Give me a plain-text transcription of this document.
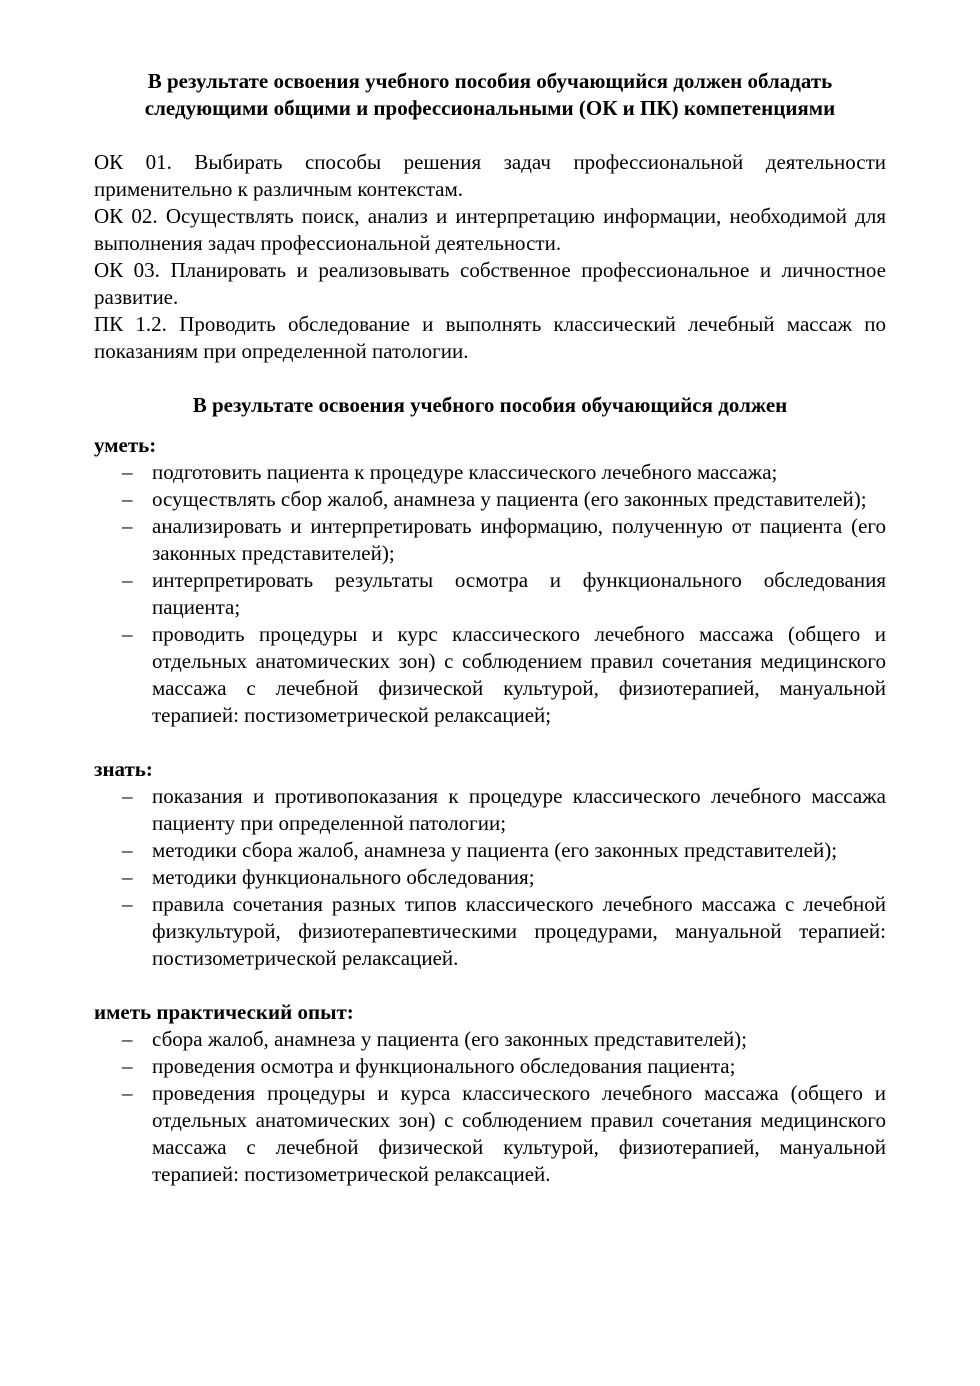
В результате освоения учебного пособия обучающийся должен обладать следующими общими и профессиональными (ОК и ПК) компетенциями

ОК 01. Выбирать способы решения задач профессиональной деятельности применительно к различным контекстам.

ОК 02. Осуществлять поиск, анализ и интерпретацию информации, необходимой для выполнения задач профессиональной деятельности.

ОК 03. Планировать и реализовывать собственное профессиональное и личностное развитие.

ПК 1.2. Проводить обследование и выполнять классический лечебный массаж по показаниям при определенной патологии.

В результате освоения учебного пособия обучающийся должен

уметь:

– подготовить пациента к процедуре классического лечебного массажа;
– осуществлять сбор жалоб, анамнеза у пациента (его законных представителей);
– анализировать и интерпретировать информацию, полученную от пациента (его законных представителей);
– интерпретировать результаты осмотра и функционального обследования пациента;
– проводить процедуры и курс классического лечебного массажа (общего и отдельных анатомических зон) с соблюдением правил сочетания медицинского массажа с лечебной физической культурой, физиотерапией, мануальной терапией: постизометрической релаксацией;

знать:

– показания и противопоказания к процедуре классического лечебного массажа пациенту при определенной патологии;
– методики сбора жалоб, анамнеза у пациента (его законных представителей);
– методики функционального обследования;
– правила сочетания разных типов классического лечебного массажа с лечебной физкультурой, физиотерапевтическими процедурами, мануальной терапией: постизометрической релаксацией.

иметь практический опыт:

– сбора жалоб, анамнеза у пациента (его законных представителей);
– проведения осмотра и функционального обследования пациента;
– проведения процедуры и курса классического лечебного массажа (общего и отдельных анатомических зон) с соблюдением правил сочетания медицинского массажа с лечебной физической культурой, физиотерапией, мануальной терапией: постизометрической релаксацией.
